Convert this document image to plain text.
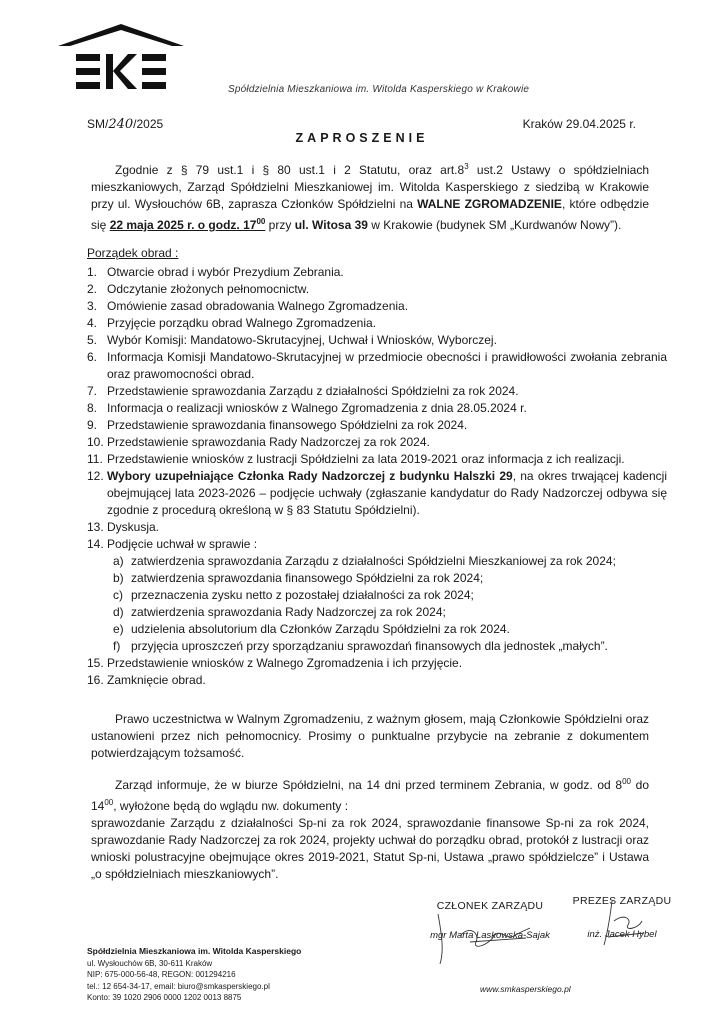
Spółdzielnia Mieszkaniowa im. Witolda Kasperskiego w Krakowie
SM/240/2025	Kraków 29.04.2025 r.
ZAPROSZENIE

Zgodnie z § 79 ust.1 i § 80 ust.1 i 2 Statutu, oraz $art.8^3$ ust.2 Ustawy o spółdzielniach mieszkaniowych, Zarząd Spółdzielni Mieszkaniowej im. Witolda Kasperskiego z siedzibą w Krakowie przy ul. Wysłouchów 6B, zaprasza Członków Spółdzielni na WALNE ZGROMADZENIE, które odbędzie się 22 maja 2025 r. o godz. $17^{00}$ przy ul. Witosa 39 w Krakowie (budynek SM „Kurdwanów Nowy”).

Porządek obrad :
1. Otwarcie obrad i wybór Prezydium Zebrania.
2. Odczytanie złożonych pełnomocnictw.
3. Omówienie zasad obradowania Walnego Zgromadzenia.
4. Przyjęcie porządku obrad Walnego Zgromadzenia.
5. Wybór Komisji: Mandatowo-Skrutacyjnej, Uchwał i Wniosków, Wyborczej.
6. Informacja Komisji Mandatowo-Skrutacyjnej w przedmiocie obecności i prawidłowości zwołania zebrania oraz prawomocności obrad.
7. Przedstawienie sprawozdania Zarządu z działalności Spółdzielni za rok 2024.
8. Informacja o realizacji wniosków z Walnego Zgromadzenia z dnia 28.05.2024 r.
9. Przedstawienie sprawozdania finansowego Spółdzielni za rok 2024.
10. Przedstawienie sprawozdania Rady Nadzorczej za rok 2024.
11. Przedstawienie wniosków z lustracji Spółdzielni za lata 2019-2021 oraz informacja z ich realizacji.
12. Wybory uzupełniające Członka Rady Nadzorczej z budynku Halszki 29, na okres trwającej kadencji obejmującej lata 2023-2026 – podjęcie uchwały (zgłaszanie kandydatur do Rady Nadzorczej odbywa się zgodnie z procedurą określoną w § 83 Statutu Spółdzielni).
13. Dyskusja.
14. Podjęcie uchwał w sprawie :
a) zatwierdzenia sprawozdania Zarządu z działalności Spółdzielni Mieszkaniowej za rok 2024;
b) zatwierdzenia sprawozdania finansowego Spółdzielni za rok 2024;
c) przeznaczenia zysku netto z pozostałej działalności za rok 2024;
d) zatwierdzenia sprawozdania Rady Nadzorczej za rok 2024;
e) udzielenia absolutorium dla Członków Zarządu Spółdzielni za rok 2024.
f) przyjęcia uproszczeń przy sporządzaniu sprawozdań finansowych dla jednostek „małych”.
15. Przedstawienie wniosków z Walnego Zgromadzenia i ich przyjęcie.
16. Zamknięcie obrad.

Prawo uczestnictwa w Walnym Zgromadzeniu, z ważnym głosem, mają Członkowie Spółdzielni oraz ustanowieni przez nich pełnomocnicy. Prosimy o punktualne przybycie na zebranie z dokumentem potwierdzającym tożsamość.

Zarząd informuje, że w biurze Spółdzielni, na 14 dni przed terminem Zebrania, w godz. od $8^{00}$ do $14^{00}$, wyłożone będą do wglądu nw. dokumenty :

sprawozdanie Zarządu z działalności Sp-ni za rok 2024, sprawozdanie finansowe Sp-ni za rok 2024, sprawozdanie Rady Nadzorczej za rok 2024, projekty uchwał do porządku obrad, protokół z lustracji oraz wnioski polustracyjne obejmujące okres 2019-2021, Statut Sp-ni, Ustawa „prawo spółdzielcze” i Ustawa „o spółdzielniach mieszkaniowych”.

CZŁONEK ZARZĄDU
mgr Marta Laskowska-Sajak
PREZES ZARZĄDU
inż. Jacek Hybel
Spółdzielnia Mieszkaniowa im. Witolda Kasperskiego
ul. Wysłouchów 6B, 30-611 Kraków
NIP: 675-000-56-48, REGON: 001294216
tel.: 12 654-34-17, email: biuro@smkasperskiego.pl
Konto: 39 1020 2906 0000 1202 0013 8875
www.smkasperskiego.pl
